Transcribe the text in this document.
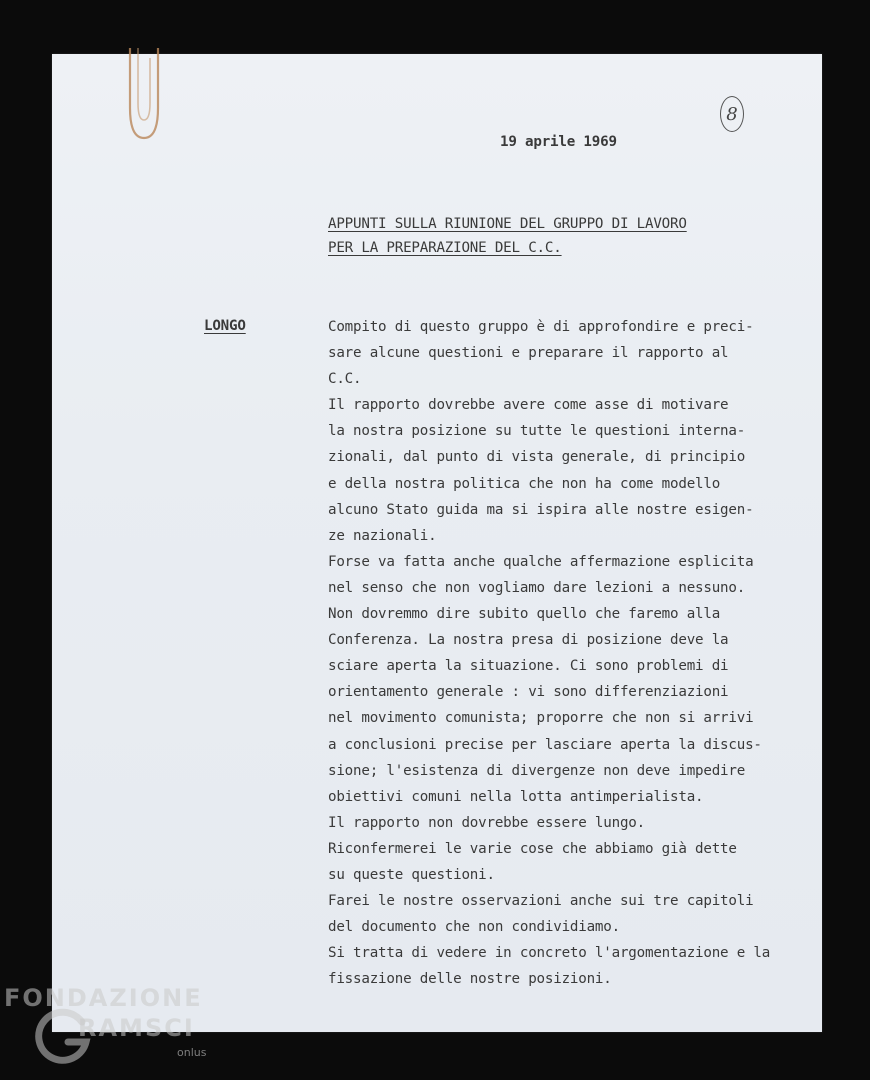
8
19 aprile 1969
APPUNTI SULLA RIUNIONE DEL GRUPPO DI LAVORO
PER LA PREPARAZIONE DEL C.C.
LONGO	Compito di questo gruppo è di approfondire e preci-
sare alcune questioni e preparare il rapporto al
C.C.
Il rapporto dovrebbe avere come asse di motivare
la nostra posizione su tutte le questioni interna-
zionali, dal punto di vista generale, di principio
e della nostra politica che non ha come modello
alcuno Stato guida ma si ispira alle nostre esigen-
ze nazionali.
Forse va fatta anche qualche affermazione esplicita
nel senso che non vogliamo dare lezioni a nessuno.
Non dovremmo dire subito quello che faremo alla
Conferenza. La nostra presa di posizione deve la
sciare aperta la situazione. Ci sono problemi di
orientamento generale : vi sono differenziazioni
nel movimento comunista; proporre che non si arrivi
a conclusioni precise per lasciare aperta la discus-
sione; l'esistenza di divergenze non deve impedire
obiettivi comuni nella lotta antimperialista.
Il rapporto non dovrebbe essere lungo.
Riconfermerei le varie cose che abbiamo già dette
su queste questioni.
Farei le nostre osservazioni anche sui tre capitoli
del documento che non condividiamo.
Si tratta di vedere in concreto l'argomentazione e la
fissazione delle nostre posizioni.
FONDAZIONE
RAMSCI
onlus
